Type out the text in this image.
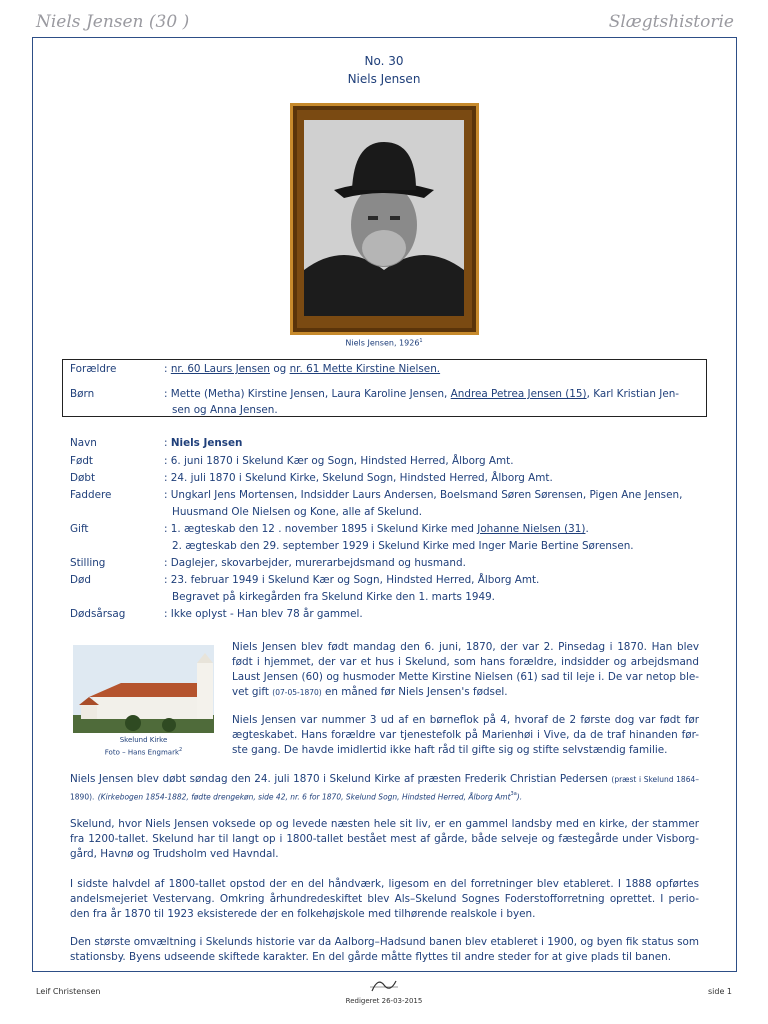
Niels Jensen (30 )	Slægtshistorie
No. 30
Niels Jensen
Niels Jensen, 1926$^1$
Forældre	: nr. 60 Laurs Jensen og nr. 61 Mette Kirstine Nielsen.
Børn	: Mette (Metha) Kirstine Jensen, Laura Karoline Jensen, Andrea Petrea Jensen (15), Karl Kristian Jen-
sen og Anna Jensen.
Navn	: Niels Jensen
Født	: 6. juni 1870 i Skelund Kær og Sogn, Hindsted Herred, Ålborg Amt.
Døbt	: 24. juli 1870 i Skelund Kirke, Skelund Sogn, Hindsted Herred, Ålborg Amt.
Faddere	: Ungkarl Jens Mortensen, Indsidder Laurs Andersen, Boelsmand Søren Sørensen, Pigen Ane Jensen,
Huusmand Ole Nielsen og Kone, alle af Skelund.
Gift	: 1. ægteskab den 12 . november 1895 i Skelund Kirke med Johanne Nielsen (31).
2. ægteskab den 29. september 1929 i Skelund Kirke med Inger Marie Bertine Sørensen.
Stilling	: Daglejer, skovarbejder, murerarbejdsmand og husmand.
Død	: 23. februar 1949 i Skelund Kær og Sogn, Hindsted Herred, Ålborg Amt.
Begravet på kirkegården fra Skelund Kirke den 1. marts 1949.
Dødsårsag	: Ikke oplyst - Han blev 78 år gammel.
Skelund Kirke
Foto – Hans Engmark$^2$
Niels Jensen blev født mandag den 6. juni, 1870, der var 2. Pinsedag i 1870. Han blev født i hjemmet, der var et hus i Skelund, som hans forældre, indsidder og arbejdsmand Laust Jensen (60) og husmoder Mette Kirstine Nielsen (61) sad til leje i. De var netop ble-vet gift (07-05-1870) en måned før Niels Jensen's fødsel.
Niels Jensen var nummer 3 ud af en børneflok på 4, hvoraf de 2 første dog var født før ægteskabet. Hans forældre var tjenestefolk på Marienhøi i Vive, da de traf hinanden før-ste gang. De havde imidlertid ikke haft råd til gifte sig og stifte selvstændig familie.
Niels Jensen blev døbt søndag den 24. juli 1870 i Skelund Kirke af præsten Frederik Christian Pedersen (præst i Skelund 1864–1890). (Kirkebogen 1854-1882, fødte drengekøn, side 42, nr. 6 for 1870, Skelund Sogn, Hindsted Herred, Ålborg Amt$^{3a}$).
Skelund, hvor Niels Jensen voksede op og levede næsten hele sit liv, er en gammel landsby med en kirke, der stammer fra 1200-tallet. Skelund har til langt op i 1800-tallet bestået mest af gårde, både selveje og fæstegårde under Visborg-gård, Havnø og Trudsholm ved Havndal.
I sidste halvdel af 1800-tallet opstod der en del håndværk, ligesom en del forretninger blev etableret. I 1888 opførtes andelsmejeriet Vestervang. Omkring århundredeskiftet blev Als–Skelund Sognes Foderstofforretning oprettet. I perio-den fra år 1870 til 1923 eksisterede der en folkehøjskole med tilhørende realskole i byen.
Den største omvæltning i Skelunds historie var da Aalborg–Hadsund banen blev etableret i 1900, og byen fik status som stationsby. Byens udseende skiftede karakter. En del gårde måtte flyttes til andre steder for at give plads til banen.
Leif Christensen	side 1
Redigeret 26-03-2015
